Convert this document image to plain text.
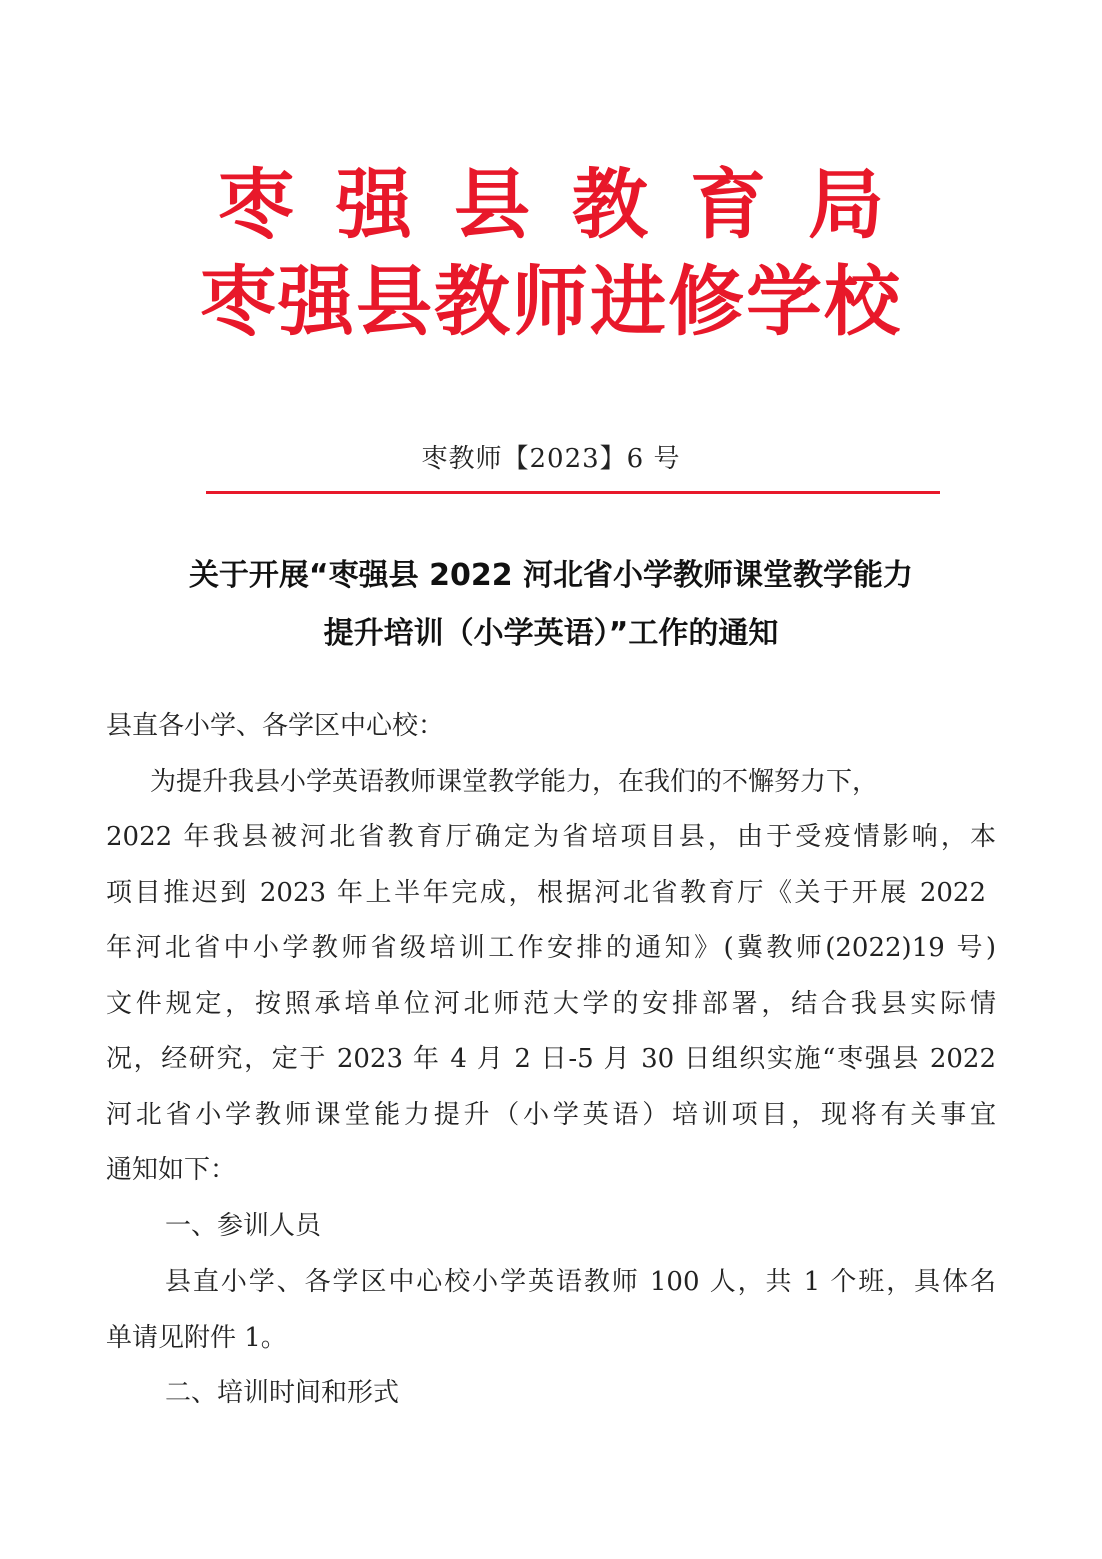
枣强县教育局
枣强县教师进修学校
枣教师【2023】6 号
关于开展“枣强县 2022 河北省小学教师课堂教学能力
提升培训（小学英语）”工作的通知
县直各小学、各学区中心校：
为提升我县小学英语教师课堂教学能力，在我们的不懈努力下，
2022 年我县被河北省教育厅确定为省培项目县，由于受疫情影响，本
项目推迟到 2023 年上半年完成，根据河北省教育厅《关于开展 2022
年河北省中小学教师省级培训工作安排的通知》(冀教师(2022)19 号)
文件规定，按照承培单位河北师范大学的安排部署，结合我县实际情
况，经研究，定于 2023 年 4 月 2 日-5 月 30 日组织实施“枣强县 2022
河北省小学教师课堂能力提升（小学英语）培训项目，现将有关事宜
通知如下：
一、参训人员
县直小学、各学区中心校小学英语教师 100 人，共 1 个班，具体名
单请见附件 1。
二、培训时间和形式
